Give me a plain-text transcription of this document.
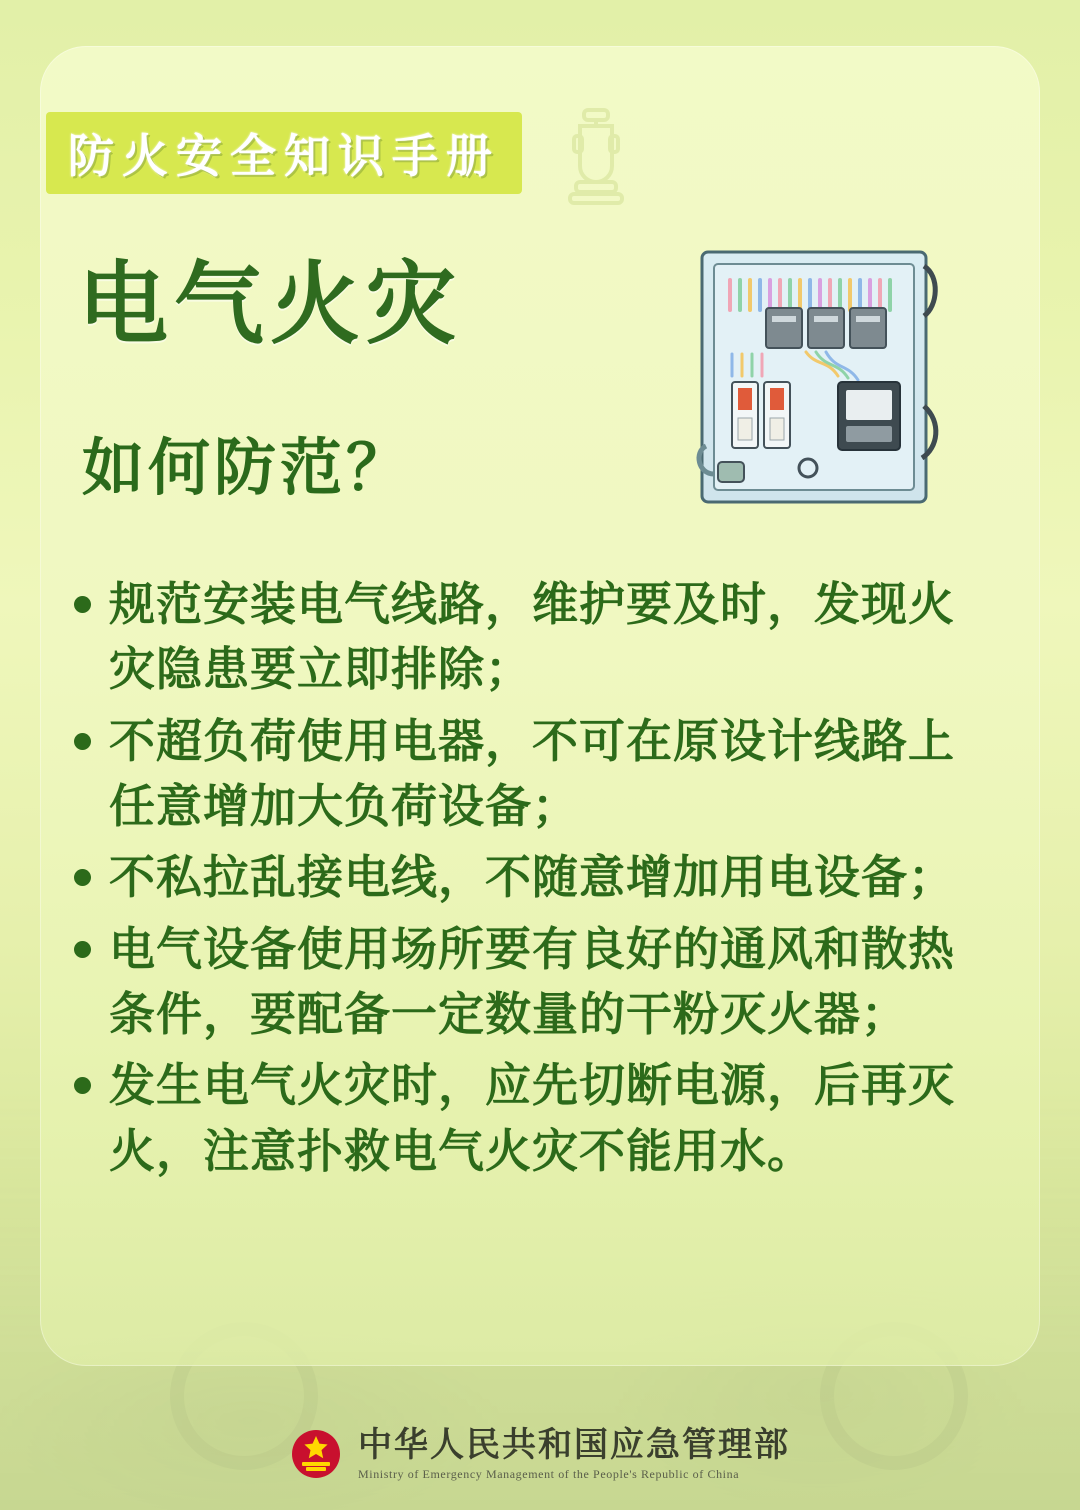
防火安全知识手册
电气火灾
如何防范？
规范安装电气线路，维护要及时，发现火灾隐患要立即排除；
不超负荷使用电器，不可在原设计线路上任意增加大负荷设备；
不私拉乱接电线，不随意增加用电设备；
电气设备使用场所要有良好的通风和散热条件，要配备一定数量的干粉灭火器；
发生电气火灾时，应先切断电源，后再灭火，注意扑救电气火灾不能用水。
中华人民共和国应急管理部
Ministry of Emergency Management of the People's Republic of China
